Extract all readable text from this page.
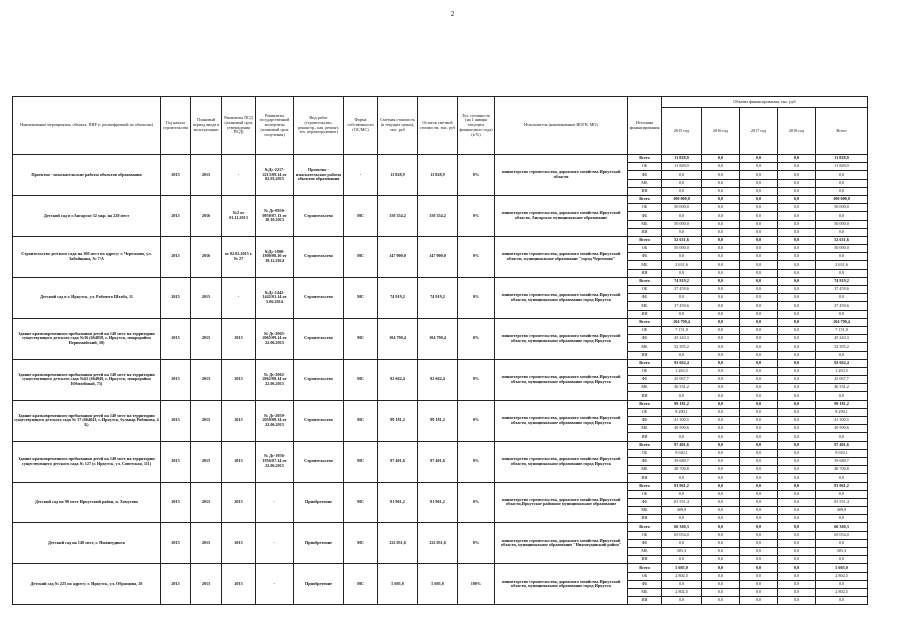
2
Наименование мероприятия, объекта, ПИР (с расшифровкой по объектам)	Год начала строительства	Плановый период ввода в эксплуатацию	Реквизиты ПСД (плановый срок утверждения ПСД)	Реквизиты государственной экспертизы (плановый срок получения)	Вид работ (строительство, реконстр., кап. ремонт, тех. перевооружение)	Форма собственности (ОС/МС)	Сметная стоимость (в текущих ценах), тыс. руб	Остаток сметной стоимости, тыс. руб	Тех. готовность (на 1 января текущего финансового года) (в %)	Исполнитель (наименование ИОГВ, МО)	Источник финансирования	Объемы финансирования, тыс. руб				
												2015 год	2016 год	2017 год	2018 год	Всего
Проектно - изыскательские работы объектов образования	2015	2015	-	№Дс-2217-2213/09.14 от 02.03.2015	Проектно - изыскательские работы объектов образования	-	11 828,9	11 828,9	0%	министерство строительства, дорожного хозяйства Иркутской области	Всего	11 828,9	0,0	0,0	0,0	11 828,9
											ОБ	11 828,9	0,0	0,0	0,0	11 828,9
											ФБ	0,0	0,0	0,0	0,0	0,0
											МБ	0,0	0,0	0,0	0,0	0,0
											ИИ	0,0	0,0	0,0	0,0	0,0
Детский сад в г.Ангарске 32 мкр. на 220 мест	2015	2016	№2 от 01.11.2013	№ Дс-0950-0950/07.13 от 10.10.2013	Строительство	МС	150 354,2	150 354,2	0%	министерство строительства, дорожного хозяйства Иркутской области, Ангарское муниципальное образование	Всего	100 000,0	0,0	0,0	0,0	100 000,0
											ОБ	50 000,0	0,0	0,0	0,0	50 000,0
											ФБ	0,0	0,0	0,0	0,0	0,0
											МБ	50 000,0	0,0	0,0	0,0	50 000,0
											ИИ	0,0	0,0	0,0	0,0	0,0
Строительство детского сада на 100 мест по адресу: г. Черемхово, ул. Забойщика, № 7/А	2015	2016	от 02.02.2015 г. № 27	№Дс-1800-1800/08.10 от 19.12.2014	Строительство	МС	147 000,0	147 000,0	0%	министерство строительства, дорожного хозяйства Иркутской области, муниципальное образование "город Черемхово"	Всего	52 631,6	0,0	0,0	0,0	52 631,6
											ОБ	50 000,0	0,0	0,0	0,0	50 000,0
											ФБ	0,0	0,0	0,0	0,0	0,0
											МБ	2 631,6	0,0	0,0	0,0	2 631,6
											ИИ	0,0	0,0	0,0	0,0	0,0
Детский сад в г. Иркутск, ул. Рабочего Штаба, 11	2015	2015	-	№Дс-1442-1442/01.14 от 5.06.2014	Строительство	МС	74 919,2	74 919,2	0%	министерство строительства, дорожного хозяйства Иркутской области, муниципальное образование город Иркутск	Всего	74 919,2	0,0	0,0	0,0	74 919,2
											ОБ	37 459,6	0,0	0,0	0,0	37 459,6
											ФБ	0,0	0,0	0,0	0,0	0,0
											МБ	37 459,6	0,0	0,0	0,0	37 459,6
											ИИ	0,0	0,0	0,0	0,0	0,0
Здание кратковременного пребывания детей на 140 мест на территории существующего детского сада №36 (664058, г. Иркутск, микрорайон Первомайский, 30)	2015	2015	2015	№ Дс-2065-2065/09.14 от 22.06.2015	Строительство	МС	104 790,4	104 790,4	0%	министерство строительства, дорожного хозяйства Иркутской области, муниципальное образование город Иркутск	Всего	104 790,4	0,0	0,0	0,0	104 790,4
											ОБ	7 151,9	0,0	0,0	0,0	7 151,9
											ФБ	45 243,3	0,0	0,0	0,0	45 243,3
											МБ	52 395,2	0,0	0,0	0,0	52 395,2
											ИИ	0,0	0,0	0,0	0,0	0,0
Здание кратковременного пребывания детей на 140 мест на территории существующего детского сада №62 (664049, г. Иркутск, микрорайон Юбилейный, 73)	2015	2015	2015	№ Дс-2062-2062/08.14 от 22.06.2015	Строительство	МС	92 662,4	92 662,4	0%	министерство строительства, дорожного хозяйства Иркутской области, муниципальное образование город Иркутск	Всего	92 662,4	0,0	0,0	0,0	92 662,4
											ОБ	1 263,5	0,0	0,0	0,0	1 263,5
											ФБ	45 067,7	0,0	0,0	0,0	45 067,7
											МБ	46 331,2	0,0	0,0	0,0	46 331,2
											ИИ	0,0	0,0	0,0	0,0	0,0
Здание кратковременного пребывания детей на 140 мест на территории существующего детского сада № 37 (664043, г. Иркутск, бульвар Рябикова, 4 Б)	2015	2015	2015	№ Дс-2059-2059/08.14 от 22.06.2015	Строительство	МС	99 181,2	99 181,2	0%	министерство строительства, дорожного хозяйства Иркутской области, муниципальное образование город Иркутск	Всего	99 181,2	0,0	0,0	0,0	99 181,2
											ОБ	8 290,1	0,0	0,0	0,0	8 290,1
											ФБ	41 300,5	0,0	0,0	0,0	41 300,5
											МБ	49 590,6	0,0	0,0	0,0	49 590,6
											ИИ	0,0	0,0	0,0	0,0	0,0
Здание кратковременного пребывания детей на 140 мест на территории существующего детского сада № 127 (г. Иркутск, ул. Советская, 111)	2015	2015	2015	№ Дс-1956-1956/07.14 от 22.06.2015	Строительство	МС	97 401,6	97 401,6	0%	министерство строительства, дорожного хозяйства Иркутской области, муниципальное образование город Иркутск	Всего	97 401,6	0,0	0,0	0,0	97 401,6
											ОБ	9 020,1	0,0	0,0	0,0	9 020,1
											ФБ	39 680,7	0,0	0,0	0,0	39 680,7
											МБ	48 700,8	0,0	0,0	0,0	48 700,8
											ИИ	0,0	0,0	0,0	0,0	0,0
Детский сад на 90 мест Иркутский район, п. Хомутово	2015	2015	2015	-	Приобретение	МС	81 961,2	81 961,2	0%	министерство строительства, дорожного хозяйства Иркутской области,Иркутское районное муниципальное образование	Всего	81 961,2	0,0	0,0	0,0	81 961,2
											ОБ	0,0	0,0	0,0	0,0	0,0
											ФБ	81 551,4	0,0	0,0	0,0	81 551,4
											МБ	409,8	0,0	0,0	0,0	409,8
											ИИ	0,0	0,0	0,0	0,0	0,0
Детский сад на 140 мест, г. Нижнеудинск	2015	2015	2015	-	Приобретение	МС	122 051,6	122 051,6	0%	министерство строительства, дорожного хозяйства Иркутской области, муниципальное образование "Нижнеудинский район"	Всего	66 360,3	0,0	0,0	0,0	66 360,3
											ОБ	65 054,0	0,0	0,0	0,0	65 054,0
											ФБ	0,0	0,0	0,0	0,0	0,0
											МБ	305,3	0,0	0,0	0,0	305,3
											ИИ	0,0	0,0	0,0	0,0	0,0
Детский сад № 225 по адресу: г. Иркутск, ул. Образцова, 2б	2015	2015	2015	-	Приобретение	МС	5 605,0	5 605,0	100%	министерство строительства, дорожного хозяйства Иркутской области, муниципальное образование город Иркутск	Всего	5 605,0	0,0	0,0	0,0	5 605,0
											ОБ	2 802,5	0,0	0,0	0,0	2 802,5
											ФБ	0,0	0,0	0,0	0,0	0,0
											МБ	2 802,5	0,0	0,0	0,0	2 802,5
											ИИ	0,0	0,0	0,0	0,0	0,0
